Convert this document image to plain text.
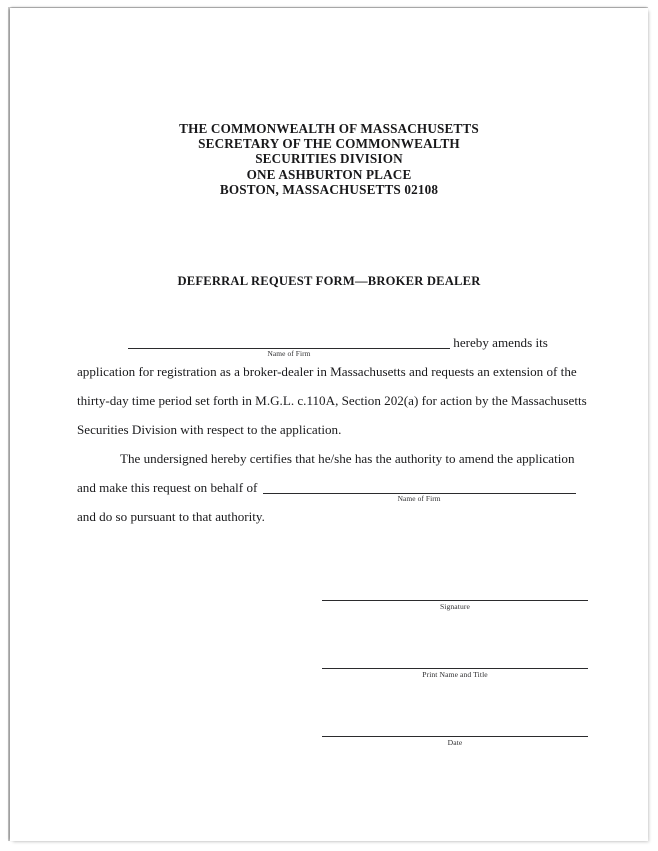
THE COMMONWEALTH OF MASSACHUSETTS
SECRETARY OF THE COMMONWEALTH
SECURITIES DIVISION
ONE ASHBURTON PLACE
BOSTON, MASSACHUSETTS 02108
DEFERRAL REQUEST FORM—BROKER DEALER
Name of Firm
hereby amends its
application for registration as a broker-dealer in Massachusetts and requests an extension of the
thirty-day time period set forth in M.G.L. c.110A, Section 202(a) for action by the Massachusetts
Securities Division with respect to the application.
The undersigned hereby certifies that he/she has the authority to amend the application
and make this request on behalf of
Name of Firm
and do so pursuant to that authority.
Signature
Print Name and Title
Date
